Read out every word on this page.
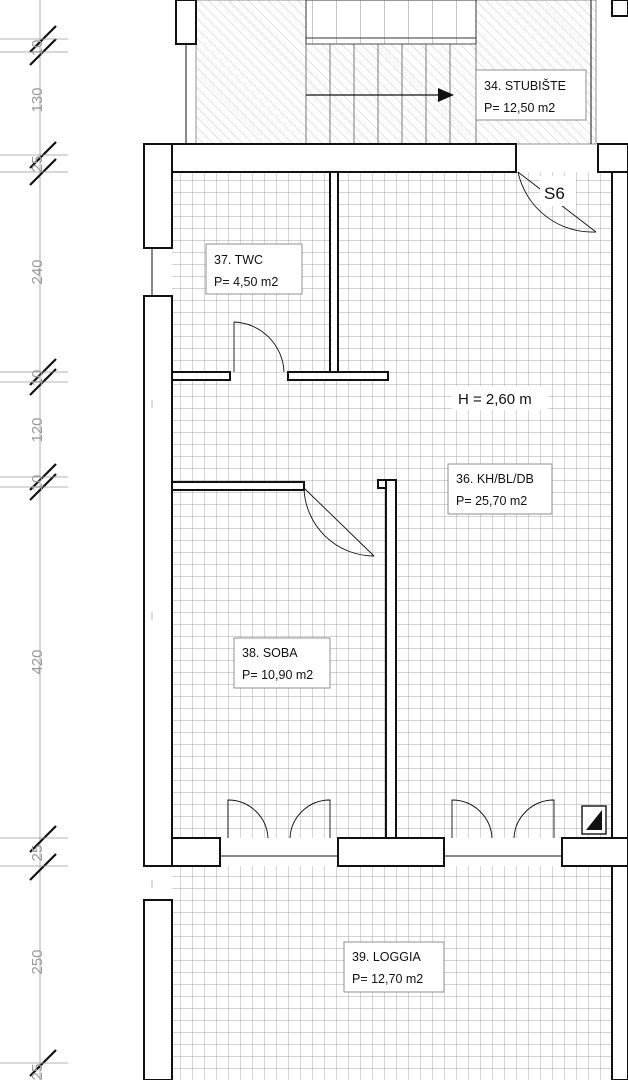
10
130
25
240
10
120
10
420
25
250
25
34. STUBIŠTE
P= 12,50 m2
37. TWC
P= 4,50 m2
36. KH/BL/DB
P= 25,70 m2
38. SOBA
P= 10,90 m2
39. LOGGIA
P= 12,70 m2
H = 2,60 m
S6
